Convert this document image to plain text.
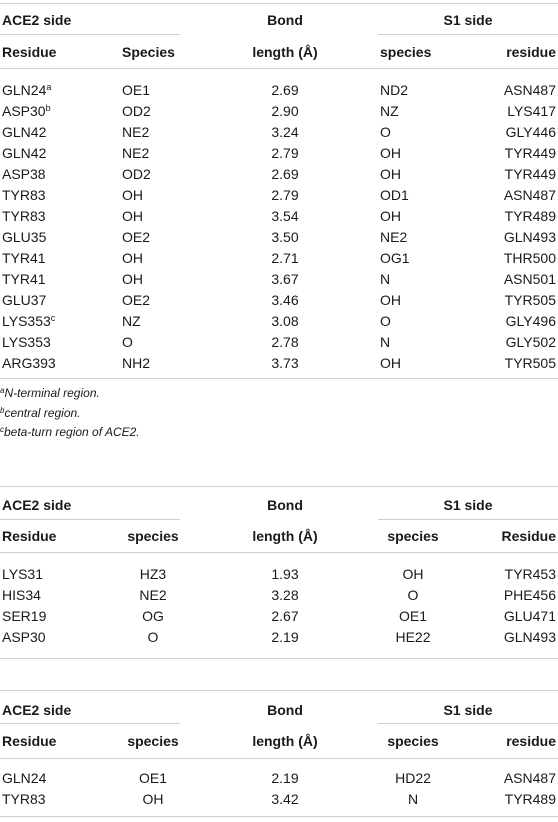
ACE2 side	Bond	S1 side
Residue	Species	length (Å)	species	residue
GLN24$^a$	OE1	2.69	ND2	ASN487
ASP30$^b$	OD2	2.90	NZ	LYS417
GLN42	NE2	3.24	O	GLY446
GLN42	NE2	2.79	OH	TYR449
ASP38	OD2	2.69	OH	TYR449
TYR83	OH	2.79	OD1	ASN487
TYR83	OH	3.54	OH	TYR489
GLU35	OE2	3.50	NE2	GLN493
TYR41	OH	2.71	OG1	THR500
TYR41	OH	3.67	N	ASN501
GLU37	OE2	3.46	OH	TYR505
LYS353$^c$	NZ	3.08	O	GLY496
LYS353	O	2.78	N	GLY502
ARG393	NH2	3.73	OH	TYR505
$^a$N-terminal region.
$^b$central region.
$^c$beta-turn region of ACE2.
ACE2 side	Bond	S1 side
Residue	species	length (Å)	species	Residue
LYS31	HZ3	1.93	OH	TYR453
HIS34	NE2	3.28	O	PHE456
SER19	OG	2.67	OE1	GLU471
ASP30	O	2.19	HE22	GLN493
ACE2 side	Bond	S1 side
Residue	species	length (Å)	species	residue
GLN24	OE1	2.19	HD22	ASN487
TYR83	OH	3.42	N	TYR489
